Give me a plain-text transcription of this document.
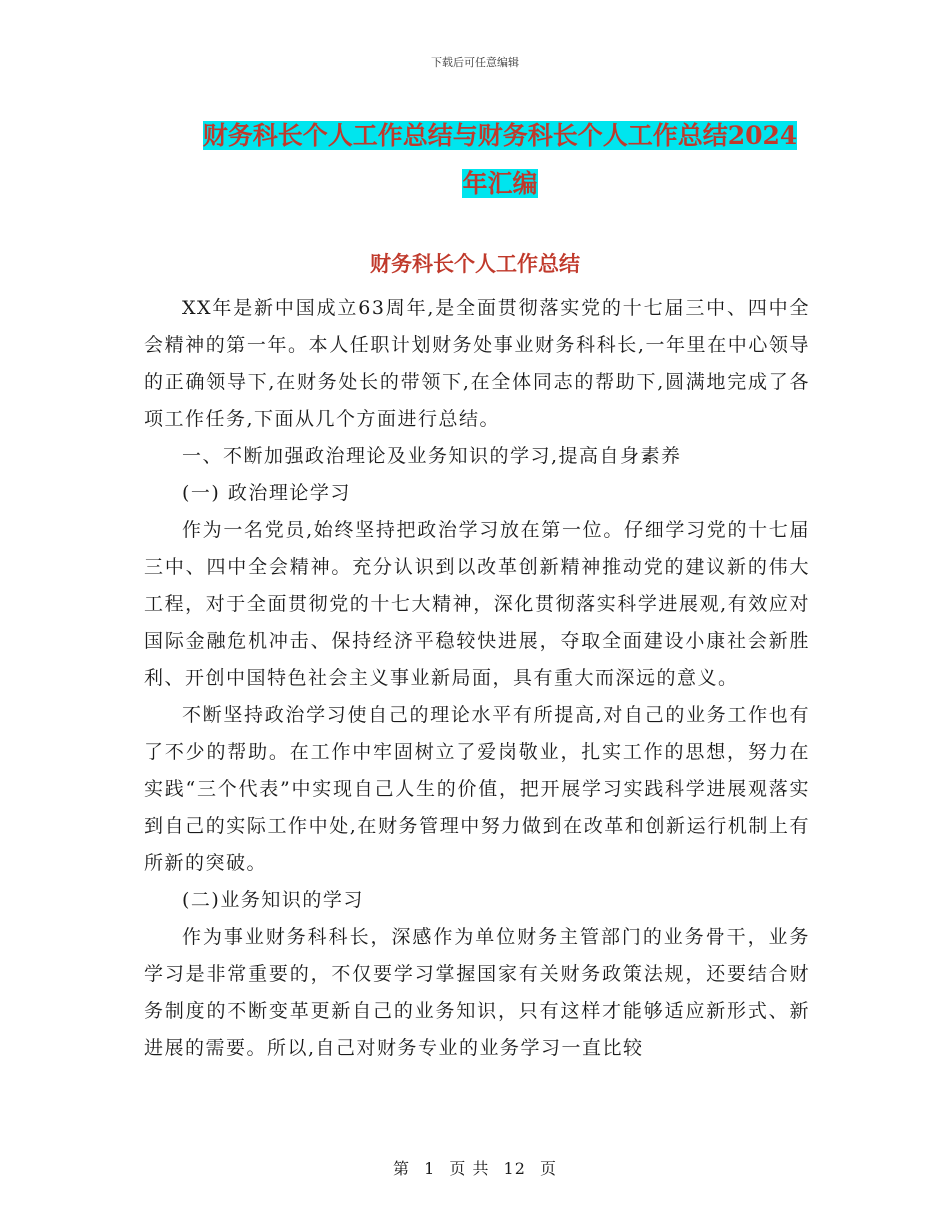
下载后可任意编辑
财务科长个人工作总结与财务科长个人工作总结2024
年汇编
财务科长个人工作总结

XX年是新中国成立63周年,是全面贯彻落实党的十七届三中、四中全会精神的第一年。本人任职计划财务处事业财务科科长,一年里在中心领导的正确领导下,在财务处长的带领下,在全体同志的帮助下,圆满地完成了各项工作任务,下面从几个方面进行总结。

一、不断加强政治理论及业务知识的学习,提高自身素养

(一) 政治理论学习

作为一名党员,始终坚持把政治学习放在第一位。仔细学习党的十七届三中、四中全会精神。充分认识到以改革创新精神推动党的建议新的伟大工程，对于全面贯彻党的十七大精神，深化贯彻落实科学进展观,有效应对国际金融危机冲击、保持经济平稳较快进展，夺取全面建设小康社会新胜利、开创中国特色社会主义事业新局面，具有重大而深远的意义。

不断坚持政治学习使自己的理论水平有所提高,对自己的业务工作也有了不少的帮助。在工作中牢固树立了爱岗敬业，扎实工作的思想，努力在实践“三个代表”中实现自己人生的价值，把开展学习实践科学进展观落实到自己的实际工作中处,在财务管理中努力做到在改革和创新运行机制上有所新的突破。

(二)业务知识的学习

作为事业财务科科长，深感作为单位财务主管部门的业务骨干，业务学习是非常重要的，不仅要学习掌握国家有关财务政策法规，还要结合财务制度的不断变革更新自己的业务知识，只有这样才能够适应新形式、新进展的需要。所以,自己对财务专业的业务学习一直比较

第 1 页 共 12 页
